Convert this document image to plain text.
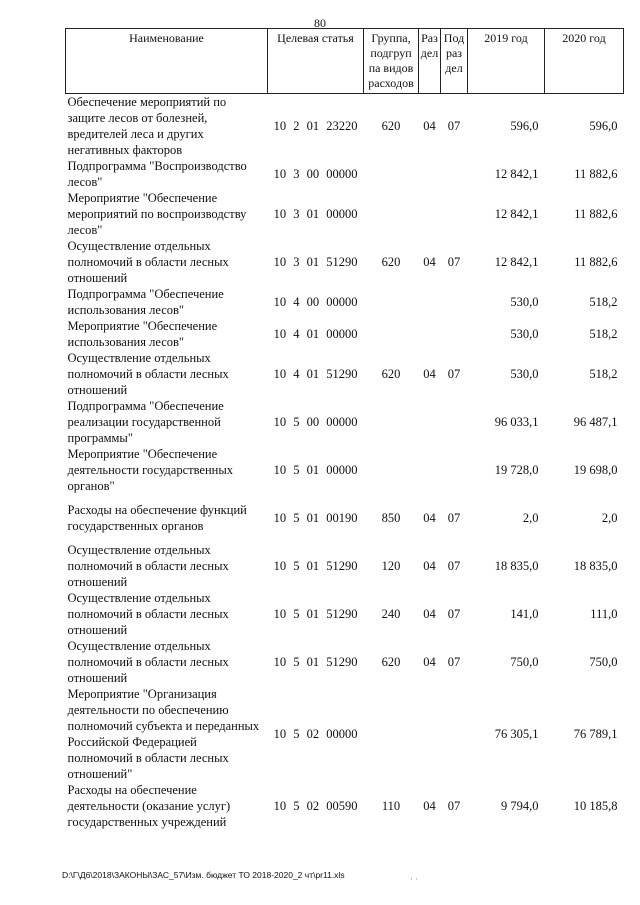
80
Наименование	Целевая статья	Группа, подгруп па видов расходов	Раз дел	Под раз дел	2019 год	2020 год
Обеспечение мероприятий по защите лесов от болезней, вредителей леса и других негативных факторов	10 2 01 23220	620	04	07	596,0	596,0
Подпрограмма "Воспроизводство лесов"	10 3 00 00000				12 842,1	11 882,6
Мероприятие "Обеспечение мероприятий по воспроизводству лесов"	10 3 01 00000				12 842,1	11 882,6
Осуществление отдельных полномочий в области лесных отношений	10 3 01 51290	620	04	07	12 842,1	11 882,6
Подпрограмма "Обеспечение использования лесов"	10 4 00 00000				530,0	518,2
Мероприятие "Обеспечение использования лесов"	10 4 01 00000				530,0	518,2
Осуществление отдельных полномочий в области лесных отношений	10 4 01 51290	620	04	07	530,0	518,2
Подпрограмма "Обеспечение реализации государственной программы"	10 5 00 00000				96 033,1	96 487,1
Мероприятие "Обеспечение деятельности государственных органов"	10 5 01 00000				19 728,0	19 698,0
Расходы на обеспечение функций государственных органов	10 5 01 00190	850	04	07	2,0	2,0
Осуществление отдельных полномочий в области лесных отношений	10 5 01 51290	120	04	07	18 835,0	18 835,0
Осуществление отдельных полномочий в области лесных отношений	10 5 01 51290	240	04	07	141,0	111,0
Осуществление отдельных полномочий в области лесных отношений	10 5 01 51290	620	04	07	750,0	750,0
Мероприятие "Организация деятельности по обеспечению полномочий субъекта и переданных Российской Федерацией полномочий в области лесных отношений"	10 5 02 00000				76 305,1	76 789,1
Расходы на обеспечение деятельности (оказание услуг) государственных учреждений	10 5 02 00590	110	04	07	9 794,0	10 185,8
D:\Г\Д6\2018\ЗАКОНЫ\ЗАС_57\Изм. бюджет ТО 2018-2020_2 чт\pr11.xls	· ·
